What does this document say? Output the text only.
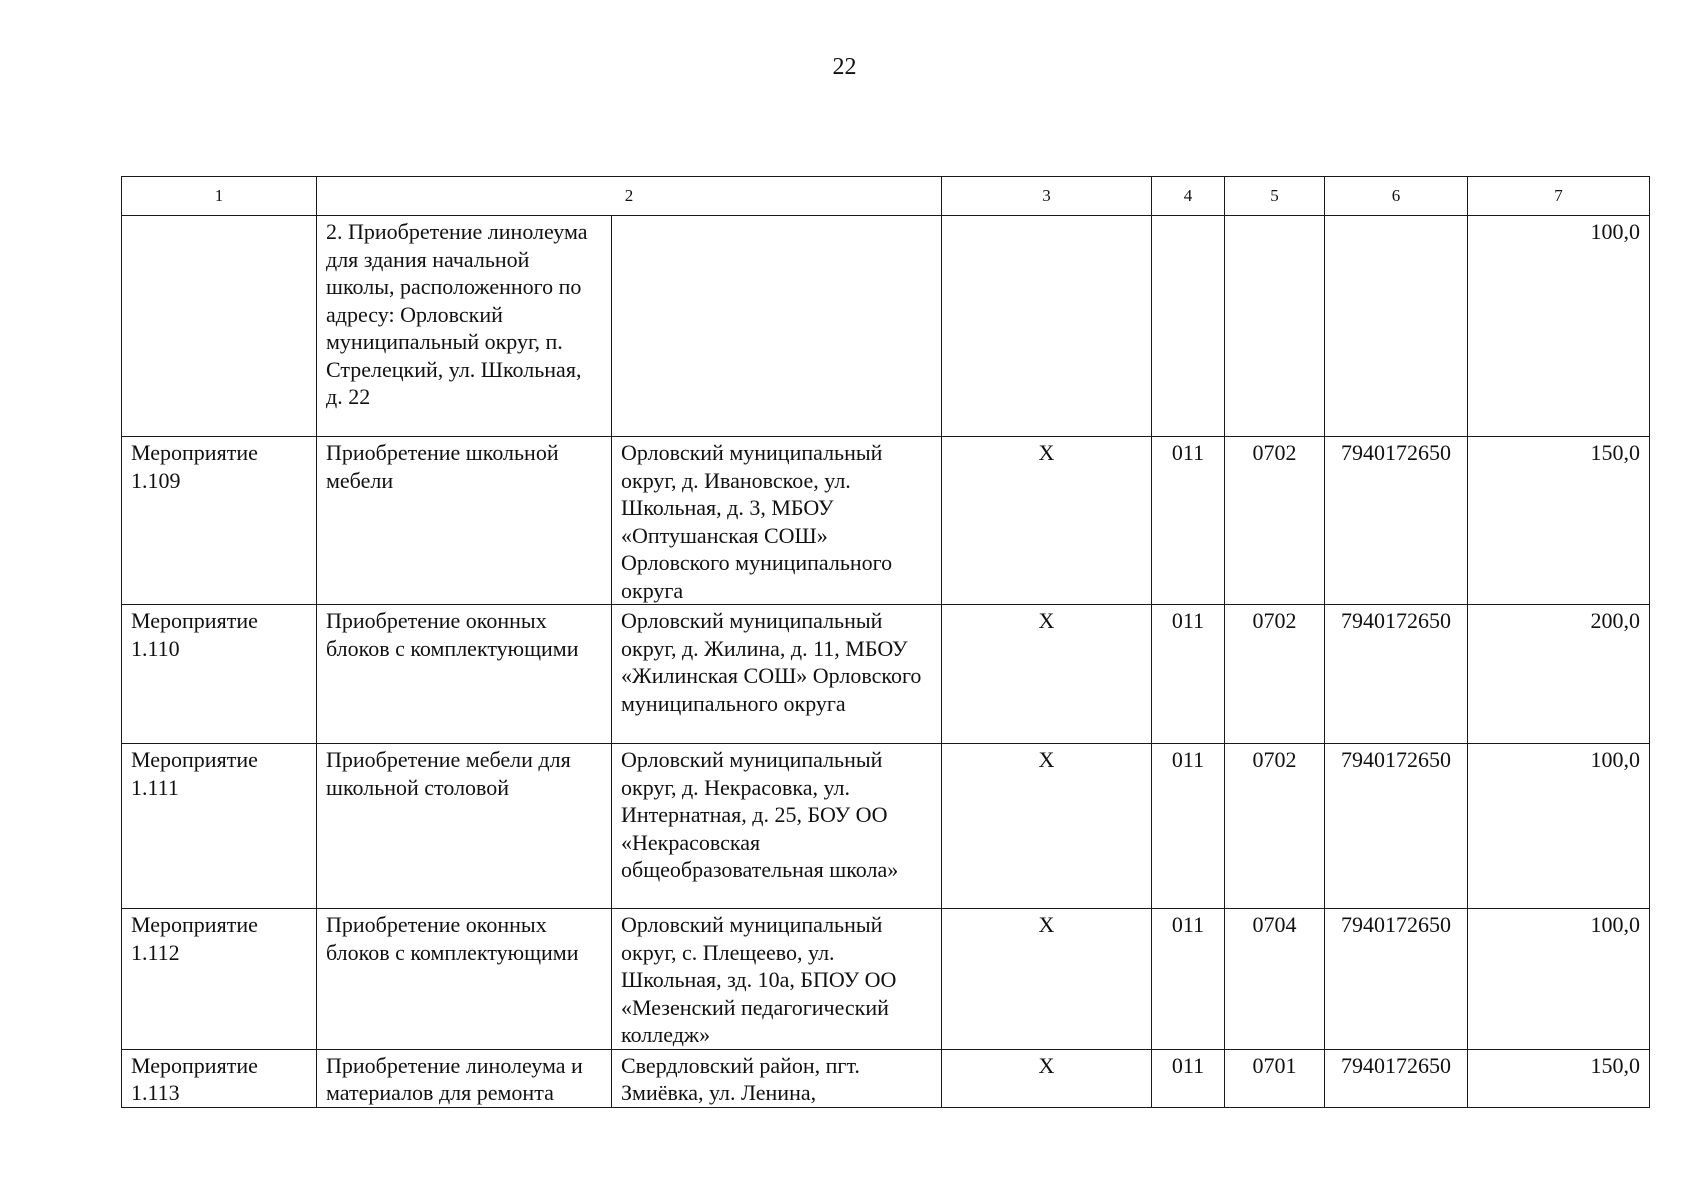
22
1	2		3	4	5	6	7
	2. Приобретение линолеума для здания начальной школы, расположенного по адресу: Орловский муниципальный округ, п. Стрелецкий, ул. Школьная, д. 22						100,0
Мероприятие 1.109	Приобретение школьной мебели	Орловский муниципальный округ, д. Ивановское, ул. Школьная, д. 3, МБОУ «Оптушанская СОШ» Орловского муниципального округа	Х	011	0702	7940172650	150,0
Мероприятие 1.110	Приобретение оконных блоков с комплектующими	Орловский муниципальный округ, д. Жилина, д. 11, МБОУ «Жилинская СОШ» Орловского муниципального округа	Х	011	0702	7940172650	200,0
Мероприятие 1.111	Приобретение мебели для школьной столовой	Орловский муниципальный округ, д. Некрасовка, ул. Интернатная, д. 25, БОУ ОО «Некрасовская общеобразовательная школа»	Х	011	0702	7940172650	100,0
Мероприятие 1.112	Приобретение оконных блоков с комплектующими	Орловский муниципальный округ, с. Плещеево, ул. Школьная, зд. 10а, БПОУ ОО «Мезенский педагогический колледж»	Х	011	0704	7940172650	100,0
Мероприятие 1.113	Приобретение линолеума и материалов для ремонта	Свердловский район, пгт. Змиёвка, ул. Ленина,	Х	011	0701	7940172650	150,0
